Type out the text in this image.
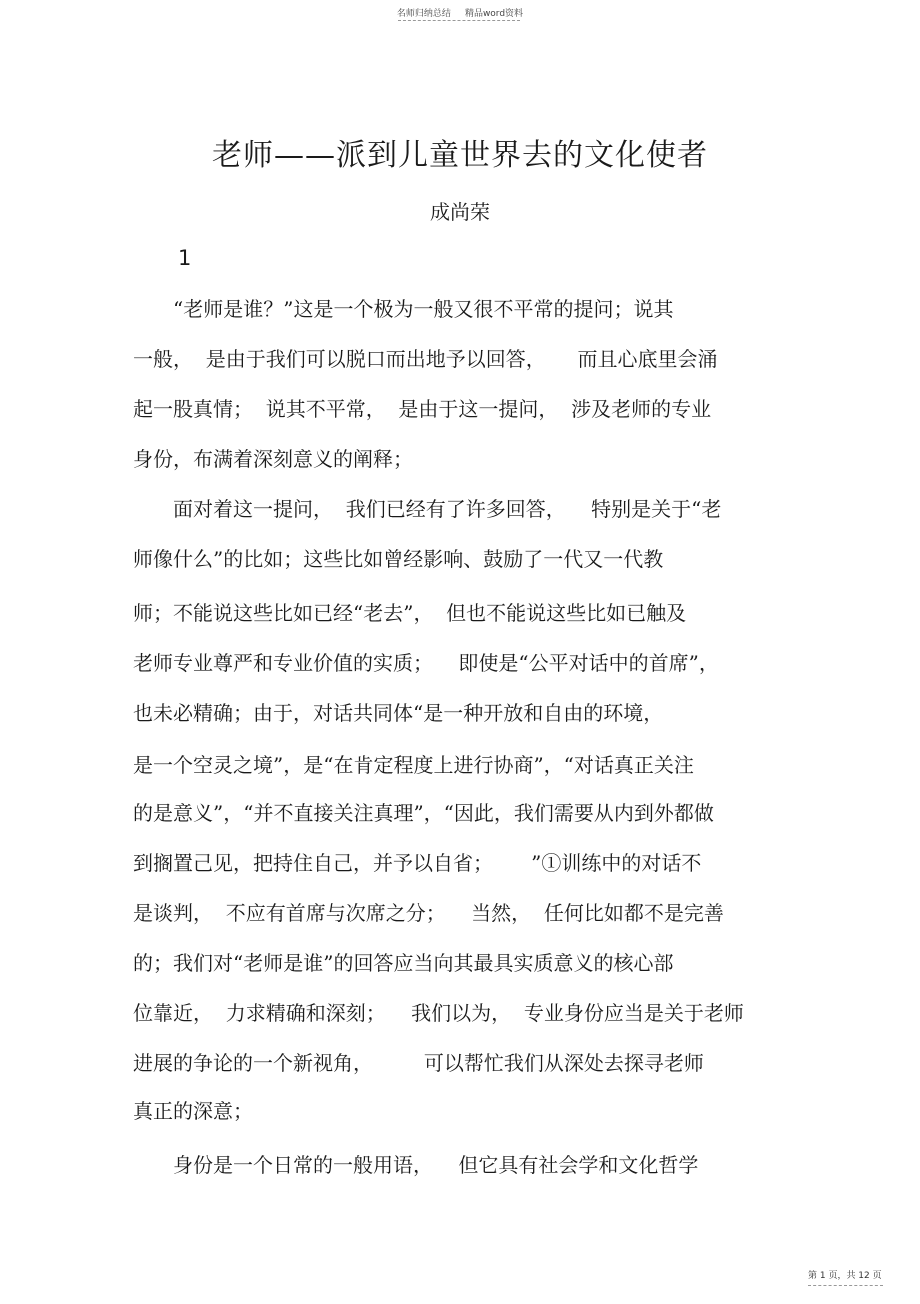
名师归纳总结 精品word资料
老师——派到儿童世界去的文化使者
成尚荣
1
　　“老师是谁？”这是一个极为一般又很不平常的提问；说其
一般，  是由于我们可以脱口而出地予以回答，     而且心底里会涌
起一股真情；  说其不平常，  是由于这一提问，  涉及老师的专业
身份，布满着深刻意义的阐释；
　　面对着这一提问，  我们已经有了许多回答，    特别是关于“老
师像什么”的比如；这些比如曾经影响、鼓励了一代又一代教
师；不能说这些比如已经“老去”，  但也不能说这些比如已触及
老师专业尊严和专业价值的实质；    即使是“公平对话中的首席”，
也未必精确；由于，对话共同体“是一种开放和自由的环境，
是一个空灵之境”，是“在肯定程度上进行协商”，“对话真正关注
的是意义”，“并不直接关注真理”，“因此，我们需要从内到外都做
到搁置己见，把持住自己，并予以自省；      ”①训练中的对话不
是谈判，  不应有首席与次席之分；    当然，  任何比如都不是完善
的；我们对“老师是谁”的回答应当向其最具实质意义的核心部
位靠近，  力求精确和深刻；    我们以为，  专业身份应当是关于老师
进展的争论的一个新视角，        可以帮忙我们从深处去探寻老师
真正的深意；
　　身份是一个日常的一般用语，    但它具有社会学和文化哲学
第 1 页，共 12 页
